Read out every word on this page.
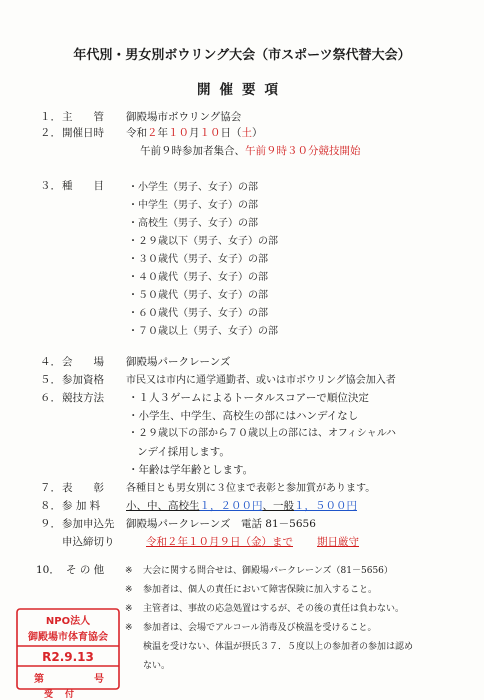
年代別・男女別ボウリング大会（市スポーツ祭代替大会）
開催要項
１．主　　管 御殿場市ボウリング協会
２．開催日時 令和２年１０月１０日（土）
午前９時参加者集合、午前９時３０分競技開始
３．種　　目	・小学生（男子、女子）の部
・中学生（男子、女子）の部
・高校生（男子、女子）の部
・２９歳以下（男子、女子）の部
・３０歳代（男子、女子）の部
・４０歳代（男子、女子）の部
・５０歳代（男子、女子）の部
・６０歳代（男子、女子）の部
・７０歳以上（男子、女子）の部
４．会　　場 御殿場パークレーンズ
５．参加資格 市民又は市内に通学通勤者、或いは市ボウリング協会加入者
６．競技方法	・１人３ゲームによるトータルスコアーで順位決定
・小学生、中学生、高校生の部にはハンデイなし
・２９歳以下の部から７０歳以上の部には、オフィシャルハ
ンデイ採用します。
・年齢は学年齢とします。
７．表　　彰 各種目とも男女別に３位まで表彰と参加賞があります。
８．参 加 料 小、中、高校生１，２００円、一般１，５００円
９．参加申込先 御殿場パークレーンズ　電話 81－5656
申込締切り	令和２年１０月９日（金）まで 期日厳守
10． そ の 他	※ 大会に関する問合せは、御殿場パークレーンズ（81－5656）
※ 参加者は、個人の責任において障害保険に加入すること。
※ 主管者は、事故の応急処置はするが、その後の責任は負わない。
※ 参加者は、会場でアルコール消毒及び検温を受けること。
検温を受けない、体温が摂氏３７．５度以上の参加者の参加は認め
ない。
NPO法人
御殿場市体育協会
R2.9.13
第	号
受付
